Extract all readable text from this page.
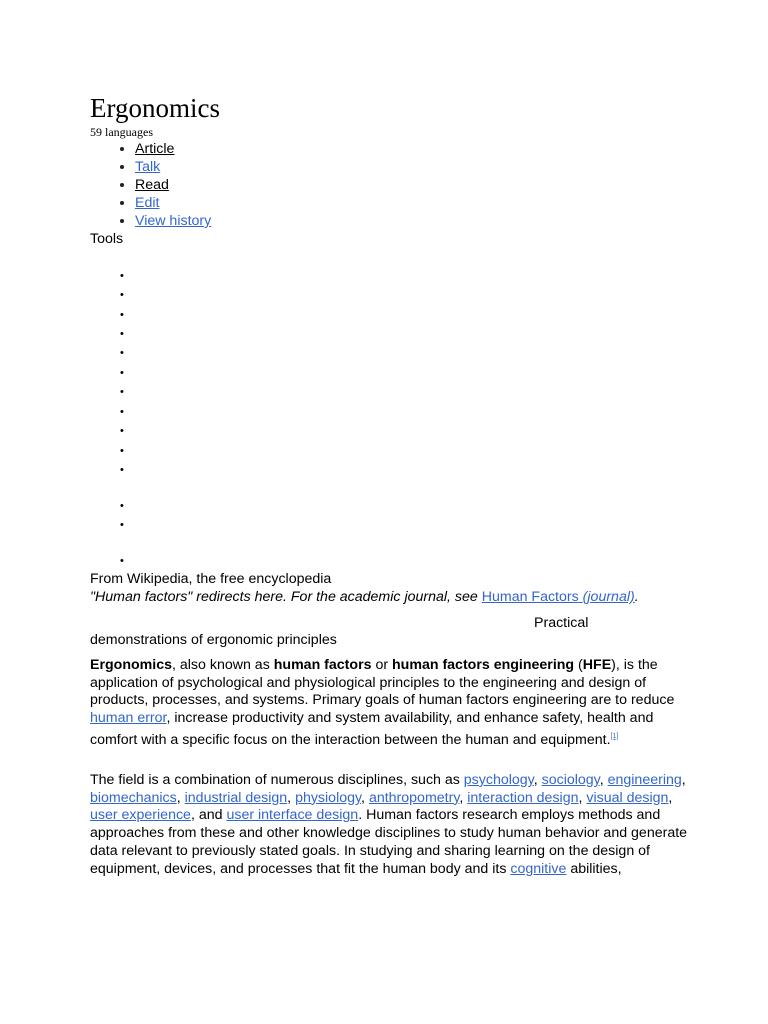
Ergonomics
59 languages
• Article
• Talk
• Read
• Edit
• View history
Tools
•
•
•
•
•
•
•
•
•
•
•
•
•
•
From Wikipedia, the free encyclopedia
"Human factors" redirects here. For the academic journal, see Human Factors (journal).
Practical
demonstrations of ergonomic principles

Ergonomics, also known as human factors or human factors engineering (HFE), is the application of psychological and physiological principles to the engineering and design of products, processes, and systems. Primary goals of human factors engineering are to reduce human error, increase productivity and system availability, and enhance safety, health and comfort with a specific focus on the interaction between the human and equipment.[1]

The field is a combination of numerous disciplines, such as psychology, sociology, engineering, biomechanics, industrial design, physiology, anthropometry, interaction design, visual design, user experience, and user interface design. Human factors research employs methods and approaches from these and other knowledge disciplines to study human behavior and generate data relevant to previously stated goals. In studying and sharing learning on the design of equipment, devices, and processes that fit the human body and its cognitive abilities,
